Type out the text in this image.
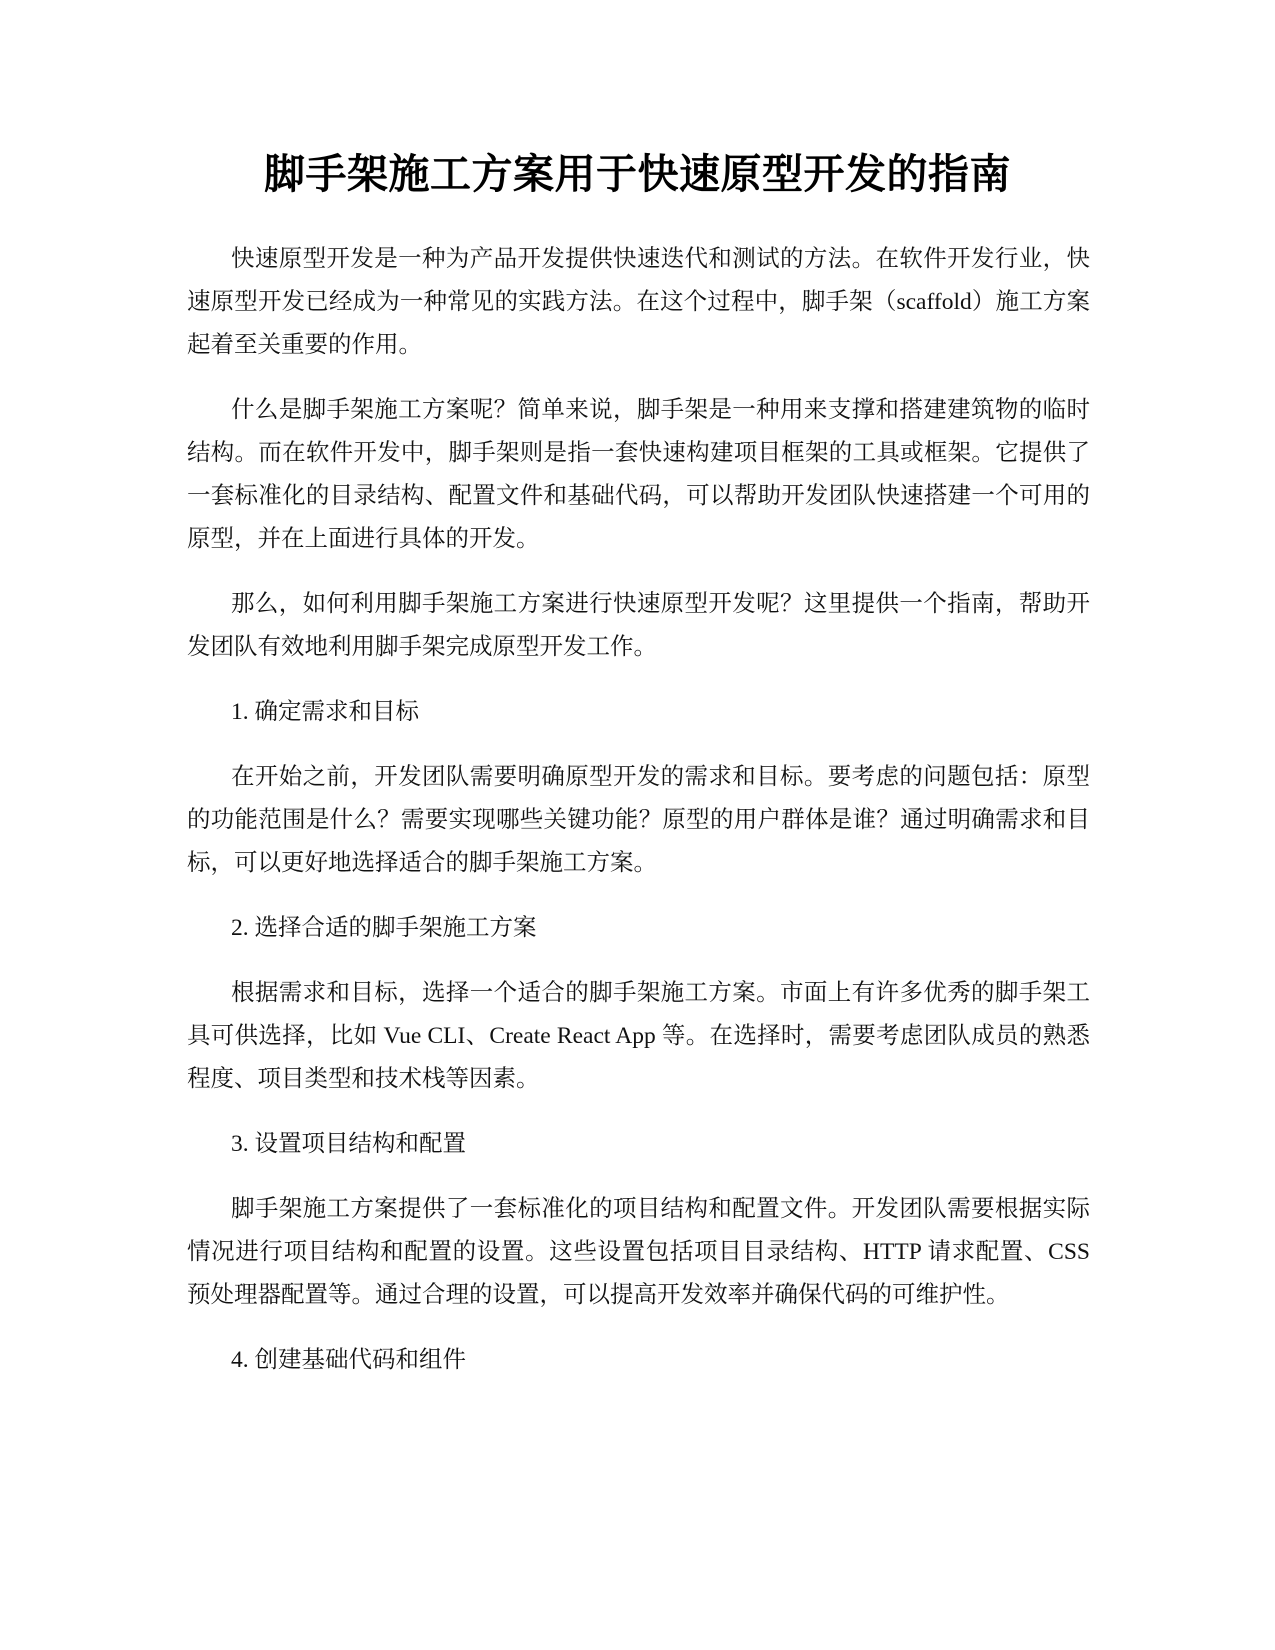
脚手架施工方案用于快速原型开发的指南

快速原型开发是一种为产品开发提供快速迭代和测试的方法。在软件开发行业，快速原型开发已经成为一种常见的实践方法。在这个过程中，脚手架（scaffold）施工方案起着至关重要的作用。

什么是脚手架施工方案呢？简单来说，脚手架是一种用来支撑和搭建建筑物的临时结构。而在软件开发中，脚手架则是指一套快速构建项目框架的工具或框架。它提供了一套标准化的目录结构、配置文件和基础代码，可以帮助开发团队快速搭建一个可用的原型，并在上面进行具体的开发。

那么，如何利用脚手架施工方案进行快速原型开发呢？这里提供一个指南，帮助开发团队有效地利用脚手架完成原型开发工作。

1. 确定需求和目标

在开始之前，开发团队需要明确原型开发的需求和目标。要考虑的问题包括：原型的功能范围是什么？需要实现哪些关键功能？原型的用户群体是谁？通过明确需求和目标，可以更好地选择适合的脚手架施工方案。

2. 选择合适的脚手架施工方案

根据需求和目标，选择一个适合的脚手架施工方案。市面上有许多优秀的脚手架工具可供选择，比如 Vue CLI、Create React App 等。在选择时，需要考虑团队成员的熟悉程度、项目类型和技术栈等因素。

3. 设置项目结构和配置

脚手架施工方案提供了一套标准化的项目结构和配置文件。开发团队需要根据实际情况进行项目结构和配置的设置。这些设置包括项目目录结构、HTTP 请求配置、CSS 预处理器配置等。通过合理的设置，可以提高开发效率并确保代码的可维护性。

4. 创建基础代码和组件
